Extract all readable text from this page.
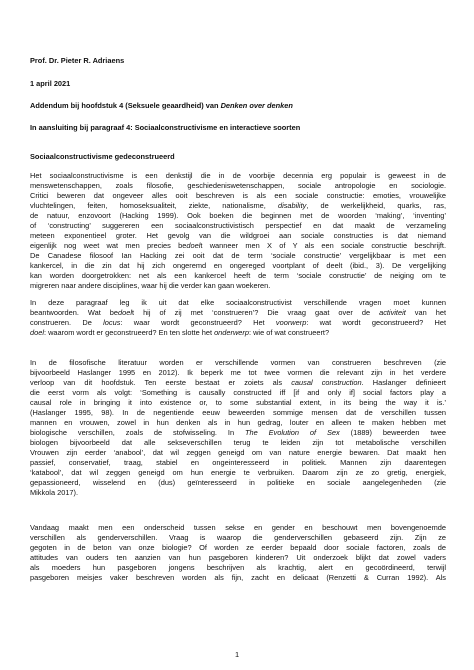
Prof. Dr. Pieter R. Adriaens
1 april 2021
Addendum bij hoofdstuk 4 (Seksuele geaardheid) van Denken over denken
In aansluiting bij paragraaf 4: Sociaalconstructivisme en interactieve soorten
Sociaalconstructivisme gedeconstrueerd

Het sociaalconstructivisme is een denkstijl die in de voorbije decennia erg populair is geweest in de

menswetenschappen, zoals filosofie, geschiedeniswetenschappen, sociale antropologie en sociologie.

Critici beweren dat ongeveer alles ooit beschreven is als een sociale constructie: emoties, vrouwelijke

vluchtelingen, feiten, homoseksualiteit, ziekte, nationalisme, disability, de werkelijkheid, quarks, ras,

de natuur, enzovoort (Hacking 1999). Ook boeken die beginnen met de woorden ‘making’, ‘inventing’

of ‘constructing’ suggereren een sociaalconstructivistisch perspectief en dat maakt de verzameling

meteen exponentieel groter. Het gevolg van die wildgroei aan sociale constructies is dat niemand

eigenlijk nog weet wat men precies bedoelt wanneer men X of Y als een sociale constructie beschrijft.

De Canadese filosoof Ian Hacking zei ooit dat de term ‘sociale constructie’ vergelijkbaar is met een

kankercel, in die zin dat hij zich ongeremd en ongereged voortplant of deelt (ibid., 3). De vergelijking

kan worden doorgetrokken: net als een kankercel heeft de term ‘sociale constructie’ de neiging om te

migreren naar andere disciplines, waar hij die verder kan gaan woekeren.

In deze paragraaf leg ik uit dat elke sociaalconstructivist verschillende vragen moet kunnen

beantwoorden. Wat bedoelt hij of zij met ‘construeren’? Die vraag gaat over de activiteit van het

construeren. De locus: waar wordt geconstrueerd? Het voorwerp: wat wordt geconstrueerd? Het

doel: waarom wordt er geconstrueerd? En ten slotte het onderwerp: wie of wat construeert?

In de filosofische literatuur worden er verschillende vormen van construeren beschreven (zie

bijvoorbeeld Haslanger 1995 en 2012). Ik beperk me tot twee vormen die relevant zijn in het verdere

verloop van dit hoofdstuk. Ten eerste bestaat er zoiets als causal construction. Haslanger definieert

die eerst vorm als volgt: ‘Something is causally constructed iff [if and only if] social factors play a

causal role in bringing it into existence or, to some substantial extent, in its being the way it is.’

(Haslanger 1995, 98). In de negentiende eeuw beweerden sommige mensen dat de verschillen tussen

mannen en vrouwen, zowel in hun denken als in hun gedrag, louter en alleen te maken hebben met

biologische verschillen, zoals de stofwisseling. In The Evolution of Sex (1889) beweerden twee

biologen bijvoorbeeld dat alle sekseverschillen terug te leiden zijn tot metabolische verschillen

Vrouwen zijn eerder ‘anabool’, dat wil zeggen geneigd om van nature energie bewaren. Dat maakt hen

passief, conservatief, traag, stabiel en ongeinteresseerd in politiek. Mannen zijn daarentegen

‘katabool’, dat wil zeggen geneigd om hun energie te verbruiken. Daarom zijn ze zo gretig, energiek,

gepassioneerd, wisselend en (dus) geïnteresseerd in politieke en sociale aangelegenheden (zie

Mikkola 2017).

Vandaag maakt men een onderscheid tussen sekse en gender en beschouwt men bovengenoemde

verschillen als genderverschillen. Vraag is waarop die genderverschillen gebaseerd zijn. Zijn ze

gegoten in de beton van onze biologie? Of worden ze eerder bepaald door sociale factoren, zoals de

attitudes van ouders ten aanzien van hun pasgeboren kinderen? Uit onderzoek blijkt dat zowel vaders

als moeders hun pasgeboren jongens beschrijven als krachtig, alert en gecoördineerd, terwijl

pasgeboren meisjes vaker beschreven worden als fijn, zacht en delicaat (Renzetti & Curran 1992). Als

1
